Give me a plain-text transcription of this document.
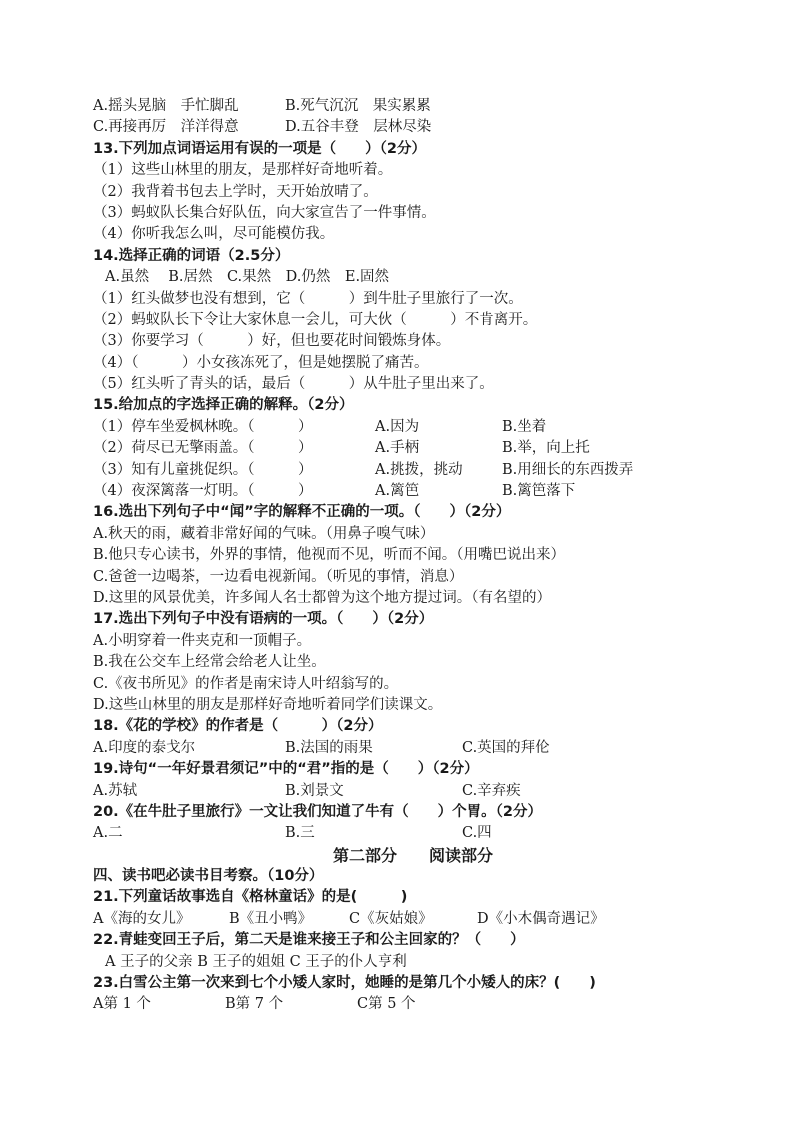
A.摇头晃脑　手忙脚乱	B.死气沉沉　果实累累
C.再接再厉　洋洋得意	D.五谷丰登　层林尽染
13.下列加点词语运用有误的一项是（　　）（2分）
（1）这些山林里的朋友，是那样好奇地听着。
（2）我背着书包去上学时，天开始放晴了。
（3）蚂蚁队长集合好队伍，向大家宣告了一件事情。
（4）你听我怎么叫，尽可能模仿我。
14.选择正确的词语（2.5分）
A.虽然　 B.居然　C.果然　D.仍然　E.固然
（1）红头做梦也没有想到，它（　　　）到牛肚子里旅行了一次。
（2）蚂蚁队长下令让大家休息一会儿，可大伙（　　　）不肯离开。
（3）你要学习（　　　）好，但也要花时间锻炼身体。
（4）（　　　）小女孩冻死了，但是她摆脱了痛苦。
（5）红头听了青头的话，最后（　　　）从牛肚子里出来了。
15.给加点的字选择正确的解释。（2分）
（1）停车坐爱枫林晚。（　　　）	A.因为	B.坐着
（2）荷尽已无擎雨盖。（　　　）	A.手柄	B.举，向上托
（3）知有儿童挑促织。（　　　）	A.挑拨，挑动	B.用细长的东西拨弄
（4）夜深篱落一灯明。（　　　）	A.篱笆	B.篱笆落下
16.选出下列句子中“闻”字的解释不正确的一项。（　　）（2分）
A.秋天的雨，藏着非常好闻的气味。（用鼻子嗅气味）
B.他只专心读书，外界的事情，他视而不见，听而不闻。（用嘴巴说出来）
C.爸爸一边喝茶，一边看电视新闻。（听见的事情，消息）
D.这里的风景优美，许多闻人名士都曾为这个地方提过词。（有名望的）
17.选出下列句子中没有语病的一项。（　　）（2分）
A.小明穿着一件夹克和一顶帽子。
B.我在公交车上经常会给老人让坐。
C.《夜书所见》的作者是南宋诗人叶绍翁写的。
D.这些山林里的朋友是那样好奇地听着同学们读课文。
18.《花的学校》的作者是（　　　）（2分）
A.印度的泰戈尔	B.法国的雨果	C.英国的拜伦
19.诗句“一年好景君须记”中的“君”指的是（　　）（2分）
A.苏轼	B.刘景文	C.辛弃疾
20.《在牛肚子里旅行》一文让我们知道了牛有（　　）个胃。（2分）
A.二	B.三	C.四
第二部分　　阅读部分
四、读书吧必读书目考察。（10分）
21.下列童话故事选自《格林童话》的是(　　　)
A《海的女儿》	B《丑小鸭》	C《灰姑娘》	D《小木偶奇遇记》
22.青蛙变回王子后，第二天是谁来接王子和公主回家的？（　　）
A 王子的父亲 B 王子的姐姐 C 王子的仆人亨利
23.白雪公主第一次来到七个小矮人家时，她睡的是第几个小矮人的床？(　　)
A第 1 个	B第 7 个	C第 5 个
